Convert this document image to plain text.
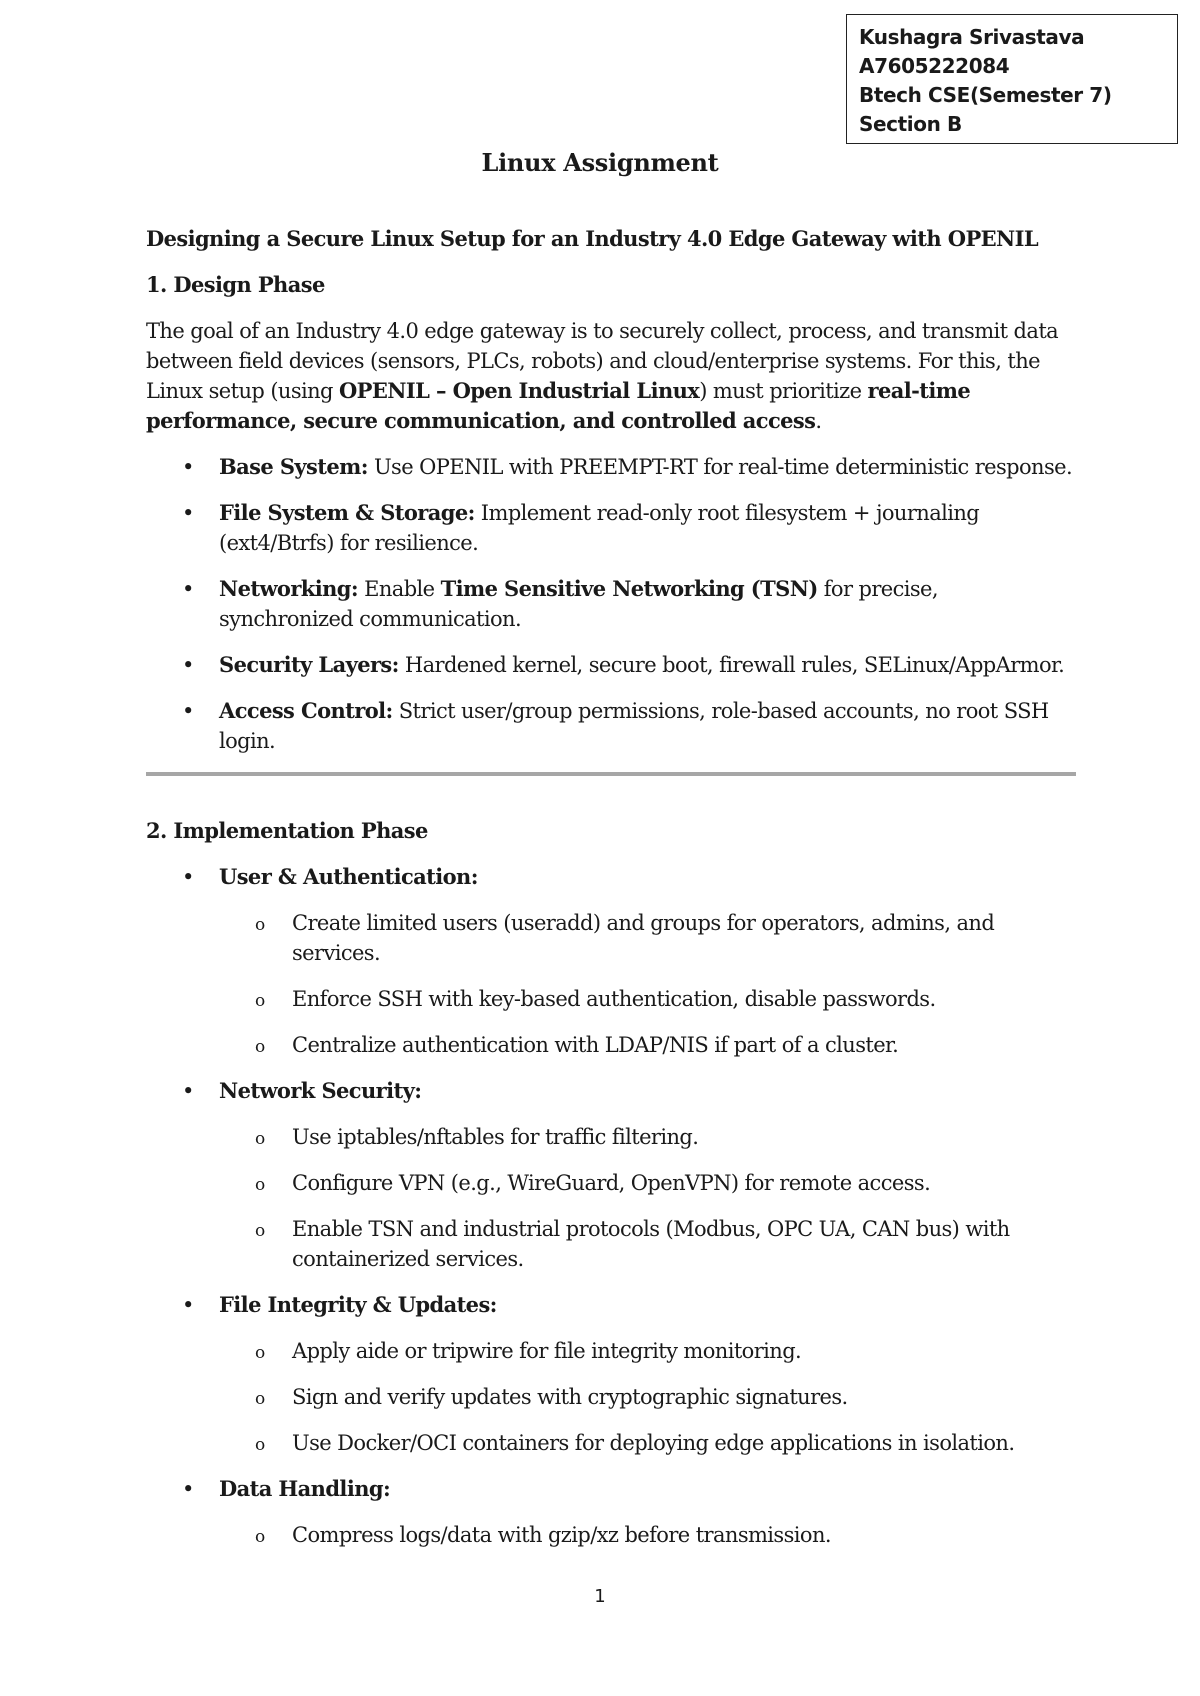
Kushagra Srivastava
A7605222084
Btech CSE(Semester 7)
Section B
Linux Assignment

Designing a Secure Linux Setup for an Industry 4.0 Edge Gateway with OPENIL

1. Design Phase

The goal of an Industry 4.0 edge gateway is to securely collect, process, and transmit data between field devices (sensors, PLCs, robots) and cloud/enterprise systems. For this, the Linux setup (using OPENIL – Open Industrial Linux) must prioritize real-time performance, secure communication, and controlled access.

• Base System: Use OPENIL with PREEMPT-RT for real-time deterministic response.
• File System & Storage: Implement read-only root filesystem + journaling (ext4/Btrfs) for resilience.
• Networking: Enable Time Sensitive Networking (TSN) for precise, synchronized communication.
• Security Layers: Hardened kernel, secure boot, firewall rules, SELinux/AppArmor.
• Access Control: Strict user/group permissions, role-based accounts, no root SSH login.

2. Implementation Phase

• User & Authentication:
o Create limited users (useradd) and groups for operators, admins, and services.
o Enforce SSH with key-based authentication, disable passwords.
o Centralize authentication with LDAP/NIS if part of a cluster.
• Network Security:
o Use iptables/nftables for traffic filtering.
o Configure VPN (e.g., WireGuard, OpenVPN) for remote access.
o Enable TSN and industrial protocols (Modbus, OPC UA, CAN bus) with containerized services.
• File Integrity & Updates:
o Apply aide or tripwire for file integrity monitoring.
o Sign and verify updates with cryptographic signatures.
o Use Docker/OCI containers for deploying edge applications in isolation.
• Data Handling:
o Compress logs/data with gzip/xz before transmission.
1
